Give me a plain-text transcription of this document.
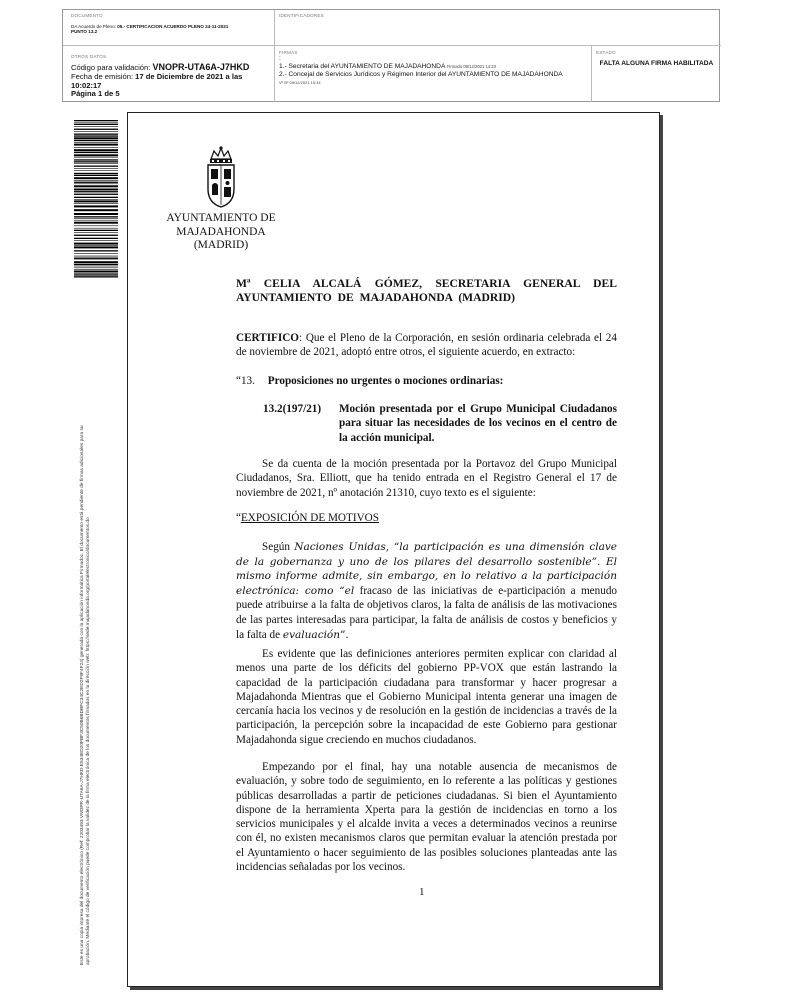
DOCUMENTO
DA Acuerdo de Pleno: 05.- CERTIFICACION ACUERDO PLENO 24-11-2021
PUNTO 13.2
IDENTIFICADORES
OTROS DATOS
Código para validación: VNOPR-UTA6A-J7HKD
Fecha de emisión: 17 de Diciembre de 2021 a las 10:02:17
Página 1 de 5
FIRMAS
:
1.- Secretaria del AYUNTAMIENTO DE MAJADAHONDA Firmado 09/12/2021 14:33
2.- Concejal de Servicios Jurídicos y Régimen Interior del AYUNTAMIENTO DE MAJADAHONDA
Vº Bº 09/12/2021 15:34
ESTADO
FALTA ALGUNA FIRMA HABILITADA
Este es una copia impresa del documento electrónico (Ref: 2203493 VNOPR-UTA6A-J7HKD E534ED20FBF3C50B6BDBFC34C2ED2F9F4F24) generada con la aplicación informática Firmadoc. El documento está pendiente de firmas adicionales para su aprobación. Mediante el código de verificación puede comprobar la validez de la firma electrónica de los documentos firmados en la dirección web: https://sede.majadahonda.org/portalelectronico/documentos.do
AYUNTAMIENTO DE
MAJADAHONDA
(MADRID)
Mª CELIA ALCALÁ GÓMEZ, SECRETARIA GENERAL DEL AYUNTAMIENTO DE MAJADAHONDA (MADRID)
CERTIFICO: Que el Pleno de la Corporación, en sesión ordinaria celebrada el 24 de noviembre de 2021, adoptó entre otros, el siguiente acuerdo, en extracto:
“13. Proposiciones no urgentes o mociones ordinarias:
13.2(197/21)	Moción presentada por el Grupo Municipal Ciudadanos para situar las necesidades de los vecinos en el centro de la acción municipal.
Se da cuenta de la moción presentada por la Portavoz del Grupo Municipal Ciudadanos, Sra. Elliott, que ha tenido entrada en el Registro General el 17 de noviembre de 2021, nº anotación 21310, cuyo texto es el siguiente:
“EXPOSICIÓN DE MOTIVOS
Según Naciones Unidas, “la participación es una dimensión clave de la gobernanza y uno de los pilares del desarrollo sostenible”. El mismo informe admite, sin embargo, en lo relativo a la participación electrónica: como “el fracaso de las iniciativas de e-participación a menudo puede atribuirse a la falta de objetivos claros, la falta de análisis de las motivaciones de las partes interesadas para participar, la falta de análisis de costos y beneficios y la falta de evaluación”.
Es evidente que las definiciones anteriores permiten explicar con claridad al menos una parte de los déficits del gobierno PP-VOX que están lastrando la capacidad de la participación ciudadana para transformar y hacer progresar a Majadahonda Mientras que el Gobierno Municipal intenta generar una imagen de cercanía hacia los vecinos y de resolución en la gestión de incidencias a través de la participación, la percepción sobre la incapacidad de este Gobierno para gestionar Majadahonda sigue creciendo en muchos ciudadanos.
Empezando por el final, hay una notable ausencia de mecanismos de evaluación, y sobre todo de seguimiento, en lo referente a las políticas y gestiones públicas desarrolladas a partir de peticiones ciudadanas. Si bien el Ayuntamiento dispone de la herramienta Xperta para la gestión de incidencias en torno a los servicios municipales y el alcalde invita a veces a determinados vecinos a reunirse con él, no existen mecanismos claros que permitan evaluar la atención prestada por el Ayuntamiento o hacer seguimiento de las posibles soluciones planteadas ante las incidencias señaladas por los vecinos.
1
